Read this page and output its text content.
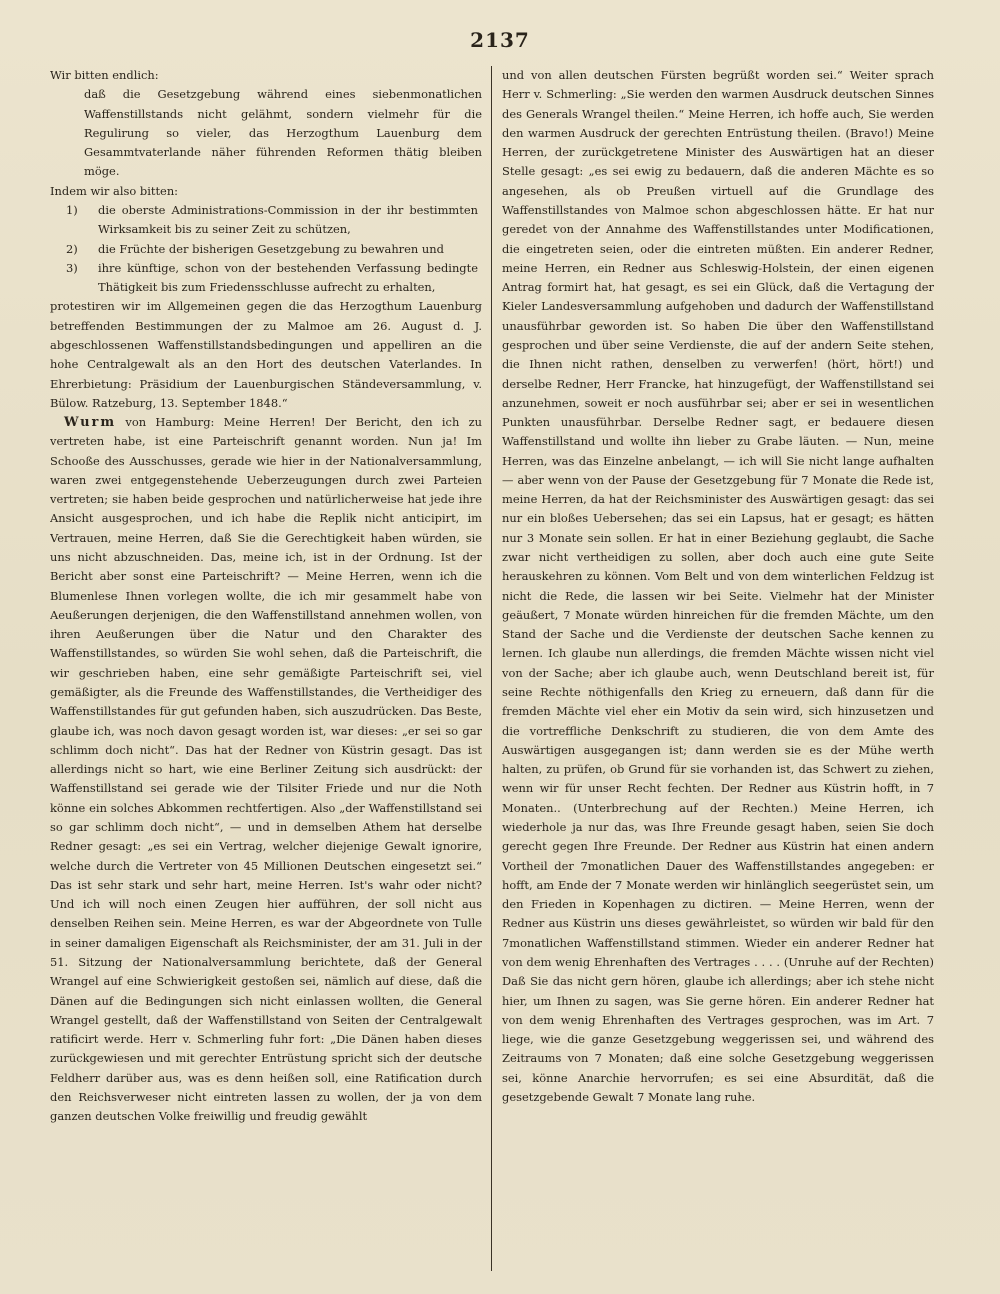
2137

Wir bitten endlich:

daß die Gesetzgebung während eines siebenmonatlichen Waffenstillstands nicht gelähmt, sondern vielmehr für die Regulirung so vieler, das Herzogthum Lauenburg dem Gesammtvaterlande näher führenden Reformen thätig bleiben möge.

Indem wir also bitten:

1) die oberste Administrations-Commission in der ihr bestimmten Wirksamkeit bis zu seiner Zeit zu schützen,
2) die Früchte der bisherigen Gesetzgebung zu bewahren und
3) ihre künftige, schon von der bestehenden Verfassung bedingte Thätigkeit bis zum Friedensschlusse aufrecht zu erhalten,

protestiren wir im Allgemeinen gegen die das Herzogthum Lauenburg betreffenden Bestimmungen der zu Malmoe am 26. August d. J. abgeschlossenen Waffenstillstandsbedingungen und appelliren an die hohe Centralgewalt als an den Hort des deutschen Vaterlandes. In Ehrerbietung: Präsidium der Lauenburgischen Ständeversammlung, v. Bülow. Ratzeburg, 13. September 1848.“

Wurm von Hamburg: Meine Herren! Der Bericht, den ich zu vertreten habe, ist eine Parteischrift genannt worden. Nun ja! Im Schooße des Ausschusses, gerade wie hier in der Nationalversammlung, waren zwei entgegenstehende Ueberzeugungen durch zwei Parteien vertreten; sie haben beide gesprochen und natürlicherweise hat jede ihre Ansicht ausgesprochen, und ich habe die Replik nicht anticipirt, im Vertrauen, meine Herren, daß Sie die Gerechtigkeit haben würden, sie uns nicht abzuschneiden. Das, meine ich, ist in der Ordnung. Ist der Bericht aber sonst eine Parteischrift? — Meine Herren, wenn ich die Blumenlese Ihnen vorlegen wollte, die ich mir gesammelt habe von Aeußerungen derjenigen, die den Waffenstillstand annehmen wollen, von ihren Aeußerungen über die Natur und den Charakter des Waffenstillstandes, so würden Sie wohl sehen, daß die Parteischrift, die wir geschrieben haben, eine sehr gemäßigte Parteischrift sei, viel gemäßigter, als die Freunde des Waffenstillstandes, die Vertheidiger des Waffenstillstandes für gut gefunden haben, sich auszudrücken. Das Beste, glaube ich, was noch davon gesagt worden ist, war dieses: „er sei so gar schlimm doch nicht“. Das hat der Redner von Küstrin gesagt. Das ist allerdings nicht so hart, wie eine Berliner Zeitung sich ausdrückt: der Waffenstillstand sei gerade wie der Tilsiter Friede und nur die Noth könne ein solches Abkommen rechtfertigen. Also „der Waffenstillstand sei so gar schlimm doch nicht“, — und in demselben Athem hat derselbe Redner gesagt: „es sei ein Vertrag, welcher diejenige Gewalt ignorire, welche durch die Vertreter von 45 Millionen Deutschen eingesetzt sei.“ Das ist sehr stark und sehr hart, meine Herren. Ist's wahr oder nicht? Und ich will noch einen Zeugen hier aufführen, der soll nicht aus denselben Reihen sein. Meine Herren, es war der Abgeordnete von Tulle in seiner damaligen Eigenschaft als Reichsminister, der am 31. Juli in der 51. Sitzung der Nationalversammlung berichtete, daß der General Wrangel auf eine Schwierigkeit gestoßen sei, nämlich auf diese, daß die Dänen auf die Bedingungen sich nicht einlassen wollten, die General Wrangel gestellt, daß der Waffenstillstand von Seiten der Centralgewalt ratificirt werde. Herr v. Schmerling fuhr fort: „Die Dänen haben dieses zurückgewiesen und mit gerechter Entrüstung spricht sich der deutsche Feldherr darüber aus, was es denn heißen soll, eine Ratification durch den Reichsverweser nicht eintreten lassen zu wollen, der ja von dem ganzen deutschen Volke freiwillig und freudig gewählt

und von allen deutschen Fürsten begrüßt worden sei.“ Weiter sprach Herr v. Schmerling: „Sie werden den warmen Ausdruck deutschen Sinnes des Generals Wrangel theilen.“ Meine Herren, ich hoffe auch, Sie werden den warmen Ausdruck der gerechten Entrüstung theilen. (Bravo!) Meine Herren, der zurückgetretene Minister des Auswärtigen hat an dieser Stelle gesagt: „es sei ewig zu bedauern, daß die anderen Mächte es so angesehen, als ob Preußen virtuell auf die Grundlage des Waffenstillstandes von Malmoe schon abgeschlossen hätte. Er hat nur geredet von der Annahme des Waffenstillstandes unter Modificationen, die eingetreten seien, oder die eintreten müßten. Ein anderer Redner, meine Herren, ein Redner aus Schleswig-Holstein, der einen eigenen Antrag formirt hat, hat gesagt, es sei ein Glück, daß die Vertagung der Kieler Landesversammlung aufgehoben und dadurch der Waffenstillstand unausführbar geworden ist. So haben Die über den Waffenstillstand gesprochen und über seine Verdienste, die auf der andern Seite stehen, die Ihnen nicht rathen, denselben zu verwerfen! (hört, hört!) und derselbe Redner, Herr Francke, hat hinzugefügt, der Waffenstillstand sei anzunehmen, soweit er noch ausführbar sei; aber er sei in wesentlichen Punkten unausführbar. Derselbe Redner sagt, er bedauere diesen Waffenstillstand und wollte ihn lieber zu Grabe läuten. — Nun, meine Herren, was das Einzelne anbelangt, — ich will Sie nicht lange aufhalten — aber wenn von der Pause der Gesetzgebung für 7 Monate die Rede ist, meine Herren, da hat der Reichsminister des Auswärtigen gesagt: das sei nur ein bloßes Uebersehen; das sei ein Lapsus, hat er gesagt; es hätten nur 3 Monate sein sollen. Er hat in einer Beziehung geglaubt, die Sache zwar nicht vertheidigen zu sollen, aber doch auch eine gute Seite herauskehren zu können. Vom Belt und von dem winterlichen Feldzug ist nicht die Rede, die lassen wir bei Seite. Vielmehr hat der Minister geäußert, 7 Monate würden hinreichen für die fremden Mächte, um den Stand der Sache und die Verdienste der deutschen Sache kennen zu lernen. Ich glaube nun allerdings, die fremden Mächte wissen nicht viel von der Sache; aber ich glaube auch, wenn Deutschland bereit ist, für seine Rechte nöthigenfalls den Krieg zu erneuern, daß dann für die fremden Mächte viel eher ein Motiv da sein wird, sich hinzusetzen und die vortreffliche Denkschrift zu studieren, die von dem Amte des Auswärtigen ausgegangen ist; dann werden sie es der Mühe werth halten, zu prüfen, ob Grund für sie vorhanden ist, das Schwert zu ziehen, wenn wir für unser Recht fechten. Der Redner aus Küstrin hofft, in 7 Monaten.. (Unterbrechung auf der Rechten.) Meine Herren, ich wiederhole ja nur das, was Ihre Freunde gesagt haben, seien Sie doch gerecht gegen Ihre Freunde. Der Redner aus Küstrin hat einen andern Vortheil der 7monatlichen Dauer des Waffenstillstandes angegeben: er hofft, am Ende der 7 Monate werden wir hinlänglich seegerüstet sein, um den Frieden in Kopenhagen zu dictiren. — Meine Herren, wenn der Redner aus Küstrin uns dieses gewährleistet, so würden wir bald für den 7monatlichen Waffenstillstand stimmen. Wieder ein anderer Redner hat von dem wenig Ehrenhaften des Vertrages . . . . (Unruhe auf der Rechten) Daß Sie das nicht gern hören, glaube ich allerdings; aber ich stehe nicht hier, um Ihnen zu sagen, was Sie gerne hören. Ein anderer Redner hat von dem wenig Ehrenhaften des Vertrages gesprochen, was im Art. 7 liege, wie die ganze Gesetzgebung weggerissen sei, und während des Zeitraums von 7 Monaten; daß eine solche Gesetzgebung weggerissen sei, könne Anarchie hervorrufen; es sei eine Absurdität, daß die gesetzgebende Gewalt 7 Monate lang ruhe.
